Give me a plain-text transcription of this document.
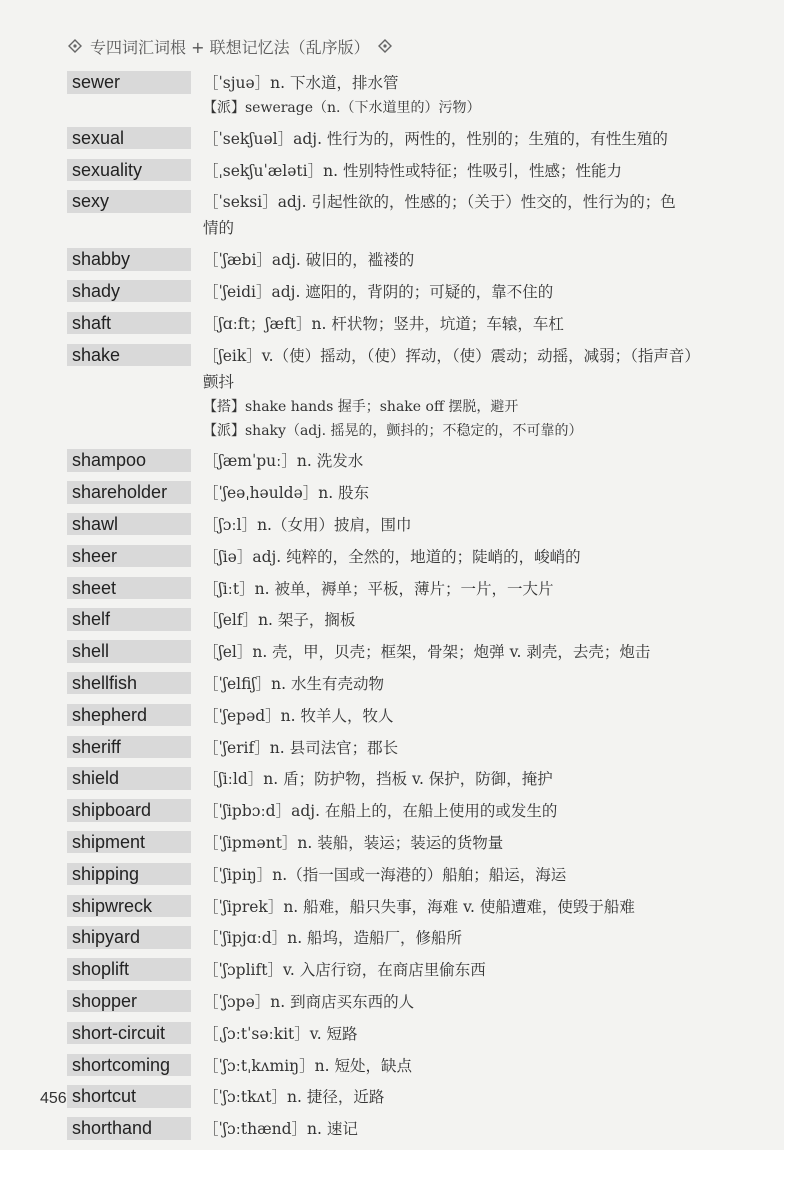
专四词汇词根 + 联想记忆法（乱序版）
sewer	［ˈsjuə］n. 下水道，排水管
【派】sewerage（n.（下水道里的）污物）
sexual	［ˈsekʃuəl］adj. 性行为的，两性的，性别的；生殖的，有性生殖的
sexuality	［ˌsekʃuˈæləti］n. 性别特性或特征；性吸引，性感；性能力
sexy	［ˈseksi］adj. 引起性欲的，性感的；（关于）性交的，性行为的；色
情的
shabby	［ˈʃæbi］adj. 破旧的，褴褛的
shady	［ˈʃeidi］adj. 遮阳的，背阴的；可疑的，靠不住的
shaft	［ʃɑːft；ʃæft］n. 杆状物；竖井，坑道；车辕，车杠
shake	［ʃeik］v.（使）摇动，（使）挥动，（使）震动；动摇，减弱；（指声音）
颤抖
【搭】shake hands 握手；shake off 摆脱，避开
【派】shaky（adj. 摇晃的，颤抖的；不稳定的，不可靠的）
shampoo	［ʃæmˈpuː］n. 洗发水
shareholder	［ˈʃeəˌhəuldə］n. 股东
shawl	［ʃɔːl］n.（女用）披肩，围巾
sheer	［ʃiə］adj. 纯粹的，全然的，地道的；陡峭的，峻峭的
sheet	［ʃiːt］n. 被单，褥单；平板，薄片；一片，一大片
shelf	［ʃelf］n. 架子，搁板
shell	［ʃel］n. 壳，甲，贝壳；框架，骨架；炮弹 v. 剥壳，去壳；炮击
shellfish	［ˈʃelfiʃ］n. 水生有壳动物
shepherd	［ˈʃepəd］n. 牧羊人，牧人
sheriff	［ˈʃerif］n. 县司法官；郡长
shield	［ʃiːld］n. 盾；防护物，挡板 v. 保护，防御，掩护
shipboard	［ˈʃipbɔːd］adj. 在船上的，在船上使用的或发生的
shipment	［ˈʃipmənt］n. 装船，装运；装运的货物量
shipping	［ˈʃipiŋ］n.（指一国或一海港的）船舶；船运，海运
shipwreck	［ˈʃiprek］n. 船难，船只失事，海难 v. 使船遭难，使毁于船难
shipyard	［ˈʃipjɑːd］n. 船坞，造船厂，修船所
shoplift	［ˈʃɔplift］v. 入店行窃，在商店里偷东西
shopper	［ˈʃɔpə］n. 到商店买东西的人
short-circuit	［ˌʃɔːtˈsəːkit］v. 短路
shortcoming	［ˈʃɔːtˌkʌmiŋ］n. 短处，缺点
shortcut	［ˈʃɔːtkʌt］n. 捷径，近路
shorthand	［ˈʃɔːthænd］n. 速记
456
